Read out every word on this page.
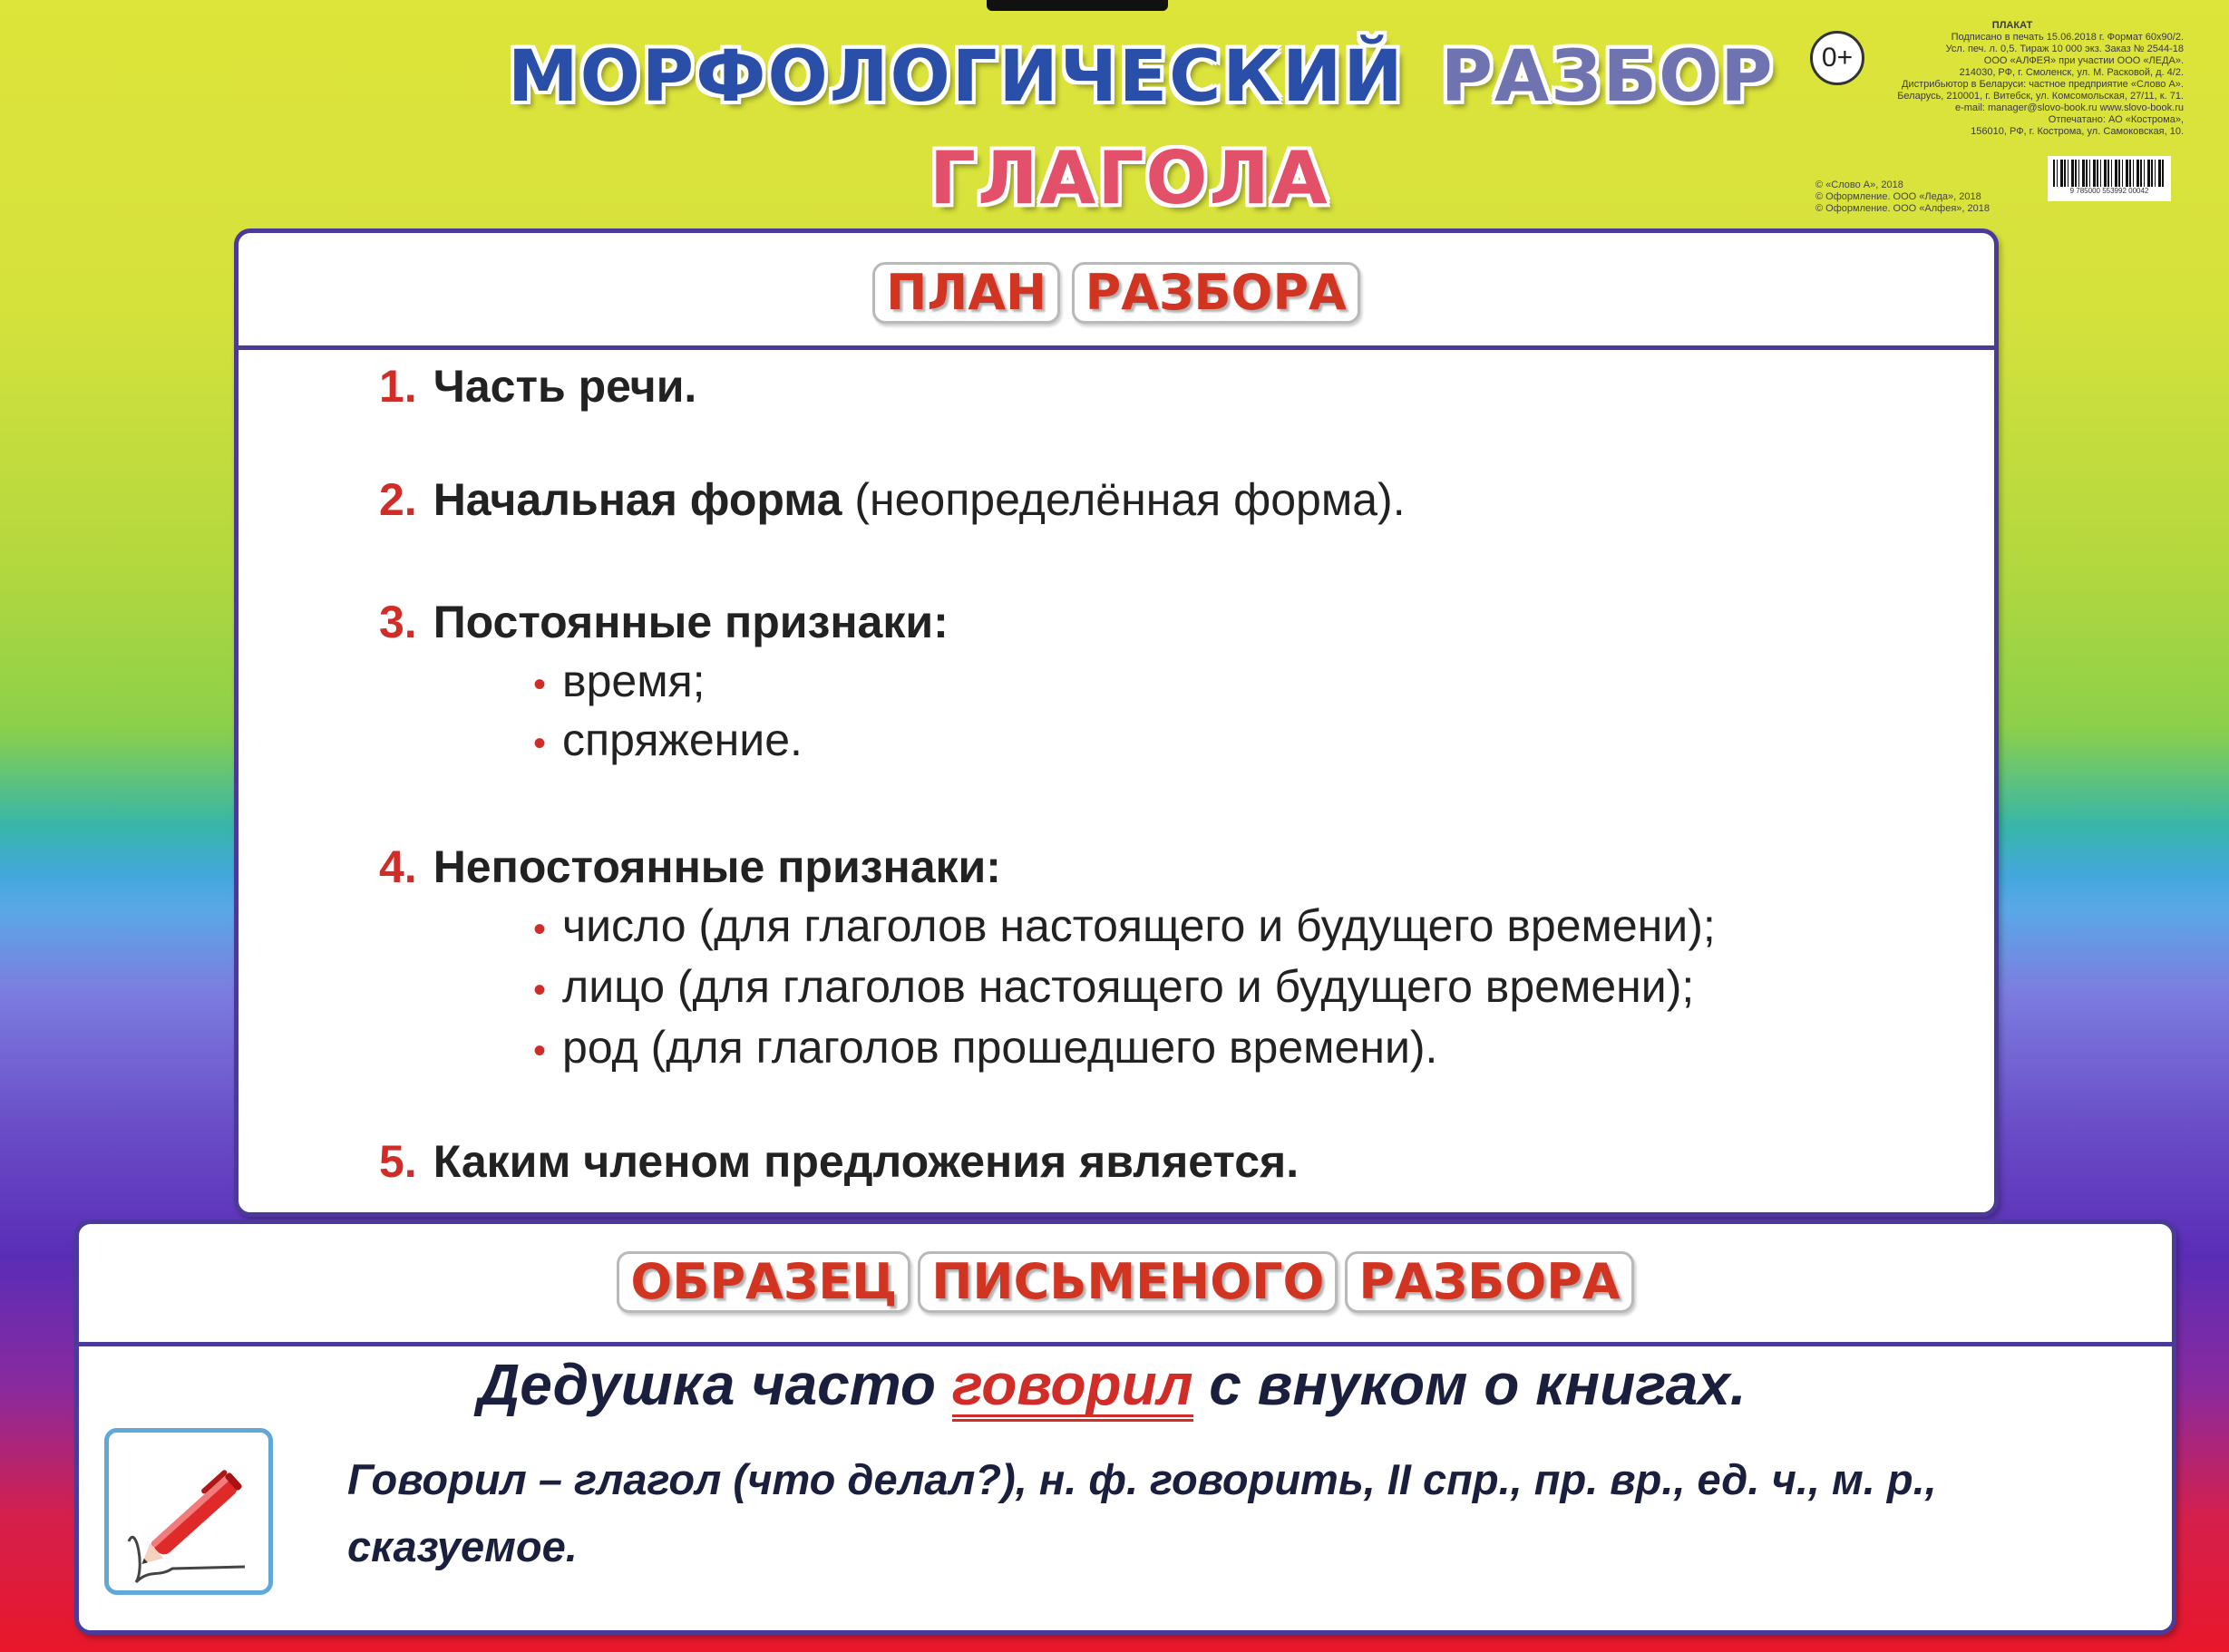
МОРФОЛОГИЧЕСКИЙ РАЗБОР
ГЛАГОЛА
0+
ПЛАКАТ
Подписано в печать 15.06.2018 г. Формат 60х90/2.
Усл. печ. л. 0,5. Тираж 10 000 экз. Заказ № 2544-18
ООО «АЛФЕЯ» при участии ООО «ЛЕДА».
214030, РФ, г. Смоленск, ул. М. Расковой, д. 4/2.
Дистрибьютор в Беларуси: частное предприятие «Слово А».
Беларусь, 210001, г. Витебск, ул. Комсомольская, 27/11, к. 71.
e-mail: manager@slovo-book.ru www.slovo-book.ru
Отпечатано: АО «Кострома»,
156010, РФ, г. Кострома, ул. Самоковская, 10.
© «Слово А», 2018
© Оформление. ООО «Леда», 2018
© Оформление. ООО «Алфея», 2018
9 785000 553992 00042
ПЛАН РАЗБОРА
1. Часть речи.
2. Начальная форма (неопределённая форма).
3. Постоянные признаки:
• время;
• спряжение.
4. Непостоянные признаки:
• число (для глаголов настоящего и будущего времени);
• лицо (для глаголов настоящего и будущего времени);
• род (для глаголов прошедшего времени).
5. Каким членом предложения является.
ОБРАЗЕЦ ПИСЬМЕНОГО РАЗБОРА
Дедушка часто говорил с внуком о книгах.
Говорил – глагол (что делал?), н. ф. говорить, II спр., пр. вр., ед. ч., м. р., сказуемое.
